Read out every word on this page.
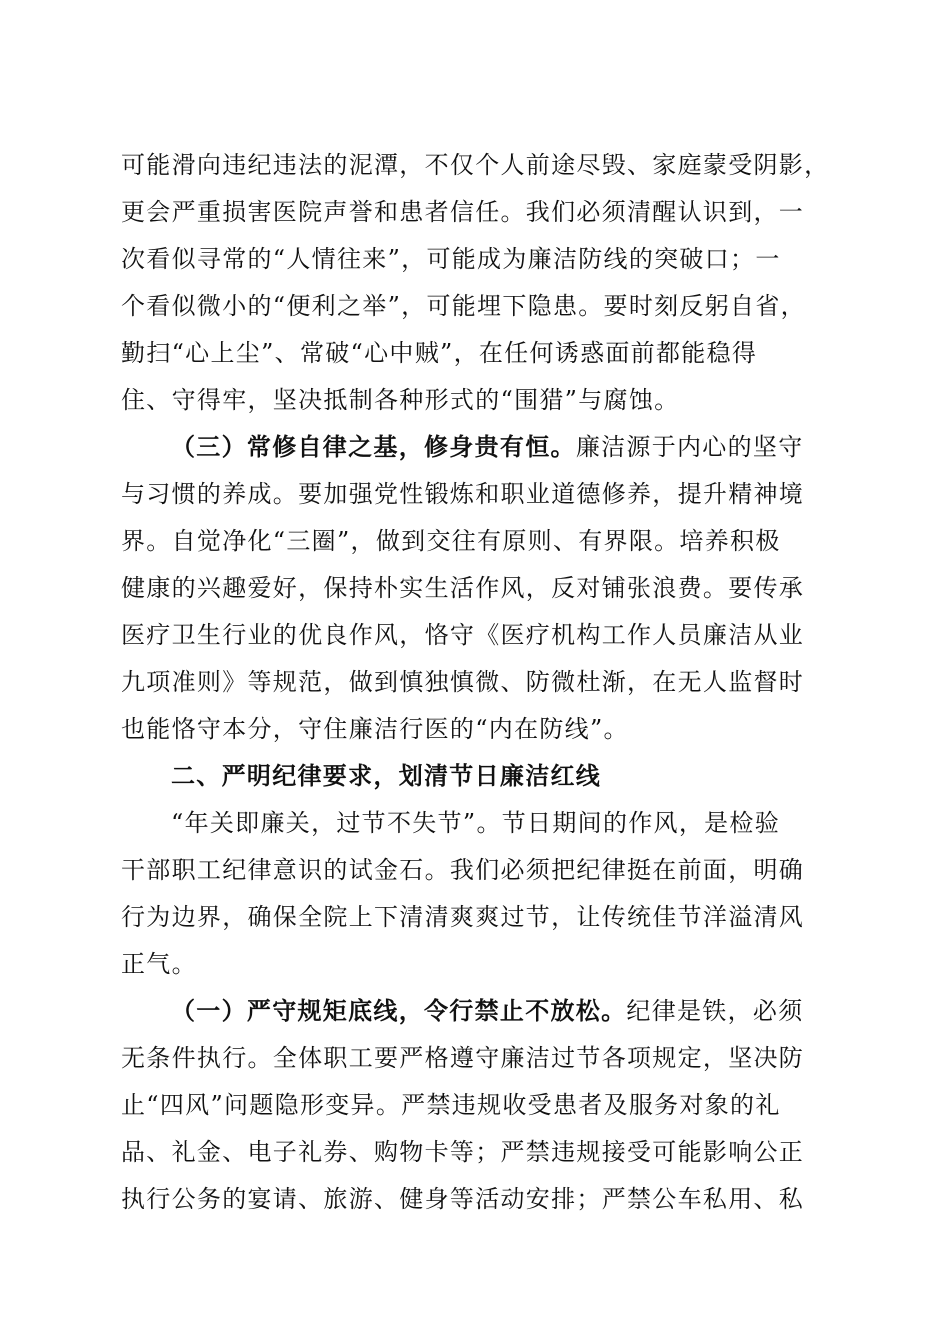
可能滑向违纪违法的泥潭，不仅个人前途尽毁、家庭蒙受阴影，
更会严重损害医院声誉和患者信任。我们必须清醒认识到，一
次看似寻常的“人情往来”，可能成为廉洁防线的突破口；一
个看似微小的“便利之举”，可能埋下隐患。要时刻反躬自省，
勤扫“心上尘”、常破“心中贼”，在任何诱惑面前都能稳得
住、守得牢，坚决抵制各种形式的“围猎”与腐蚀。
（三）常修自律之基，修身贵有恒。廉洁源于内心的坚守
与习惯的养成。要加强党性锻炼和职业道德修养，提升精神境
界。自觉净化“三圈”，做到交往有原则、有界限。培养积极
健康的兴趣爱好，保持朴实生活作风，反对铺张浪费。要传承
医疗卫生行业的优良作风，恪守《医疗机构工作人员廉洁从业
九项准则》等规范，做到慎独慎微、防微杜渐，在无人监督时
也能恪守本分，守住廉洁行医的“内在防线”。
二、严明纪律要求，划清节日廉洁红线
“年关即廉关，过节不失节”。节日期间的作风，是检验
干部职工纪律意识的试金石。我们必须把纪律挺在前面，明确
行为边界，确保全院上下清清爽爽过节，让传统佳节洋溢清风
正气。
（一）严守规矩底线，令行禁止不放松。纪律是铁，必须
无条件执行。全体职工要严格遵守廉洁过节各项规定，坚决防
止“四风”问题隐形变异。严禁违规收受患者及服务对象的礼
品、礼金、电子礼券、购物卡等；严禁违规接受可能影响公正
执行公务的宴请、旅游、健身等活动安排；严禁公车私用、私
